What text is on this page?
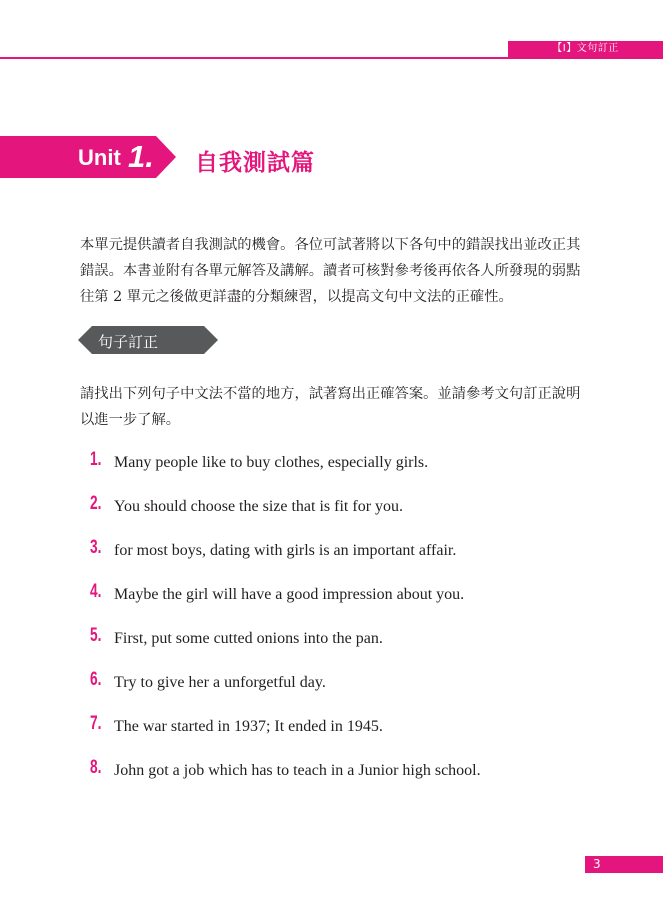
【I】文句訂正
Unit 1. 自我測試篇

本單元提供讀者自我測試的機會。各位可試著將以下各句中的錯誤找出並改正其
錯誤。本書並附有各單元解答及講解。讀者可核對參考後再依各人所發現的弱點
往第 2 單元之後做更詳盡的分類練習，以提高文句中文法的正確性。

句子訂正

請找出下列句子中文法不當的地方，試著寫出正確答案。並請參考文句訂正說明
以進一步了解。

1. Many people like to buy clothes, especially girls.
2. You should choose the size that is fit for you.
3. for most boys, dating with girls is an important affair.
4. Maybe the girl will have a good impression about you.
5. First, put some cutted onions into the pan.
6. Try to give her a unforgetful day.
7. The war started in 1937; It ended in 1945.
8. John got a job which has to teach in a Junior high school.
3
